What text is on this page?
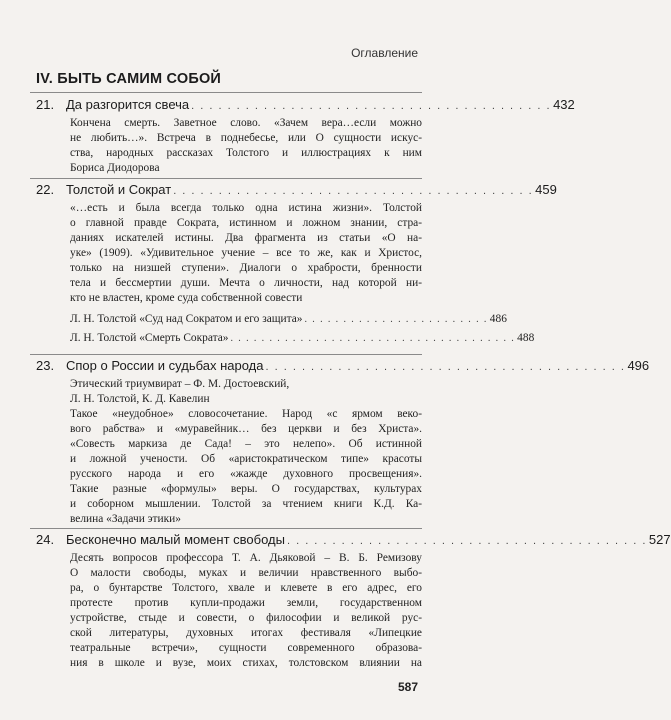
Оглавление
IV. БЫТЬ САМИМ СОБОЙ
21. Да разгорится свеча . . . . . . . . . . . . . . . . . . . . . . . . . . . . . . . . . . . . . . . . 432
Кончена смерть. Заветное слово. «Зачем вера…если можно
не любить…». Встреча в поднебесье, или О сущности искус-
ства, народных рассказах Толстого и иллюстрациях к ним
Бориса Диодорова
22. Толстой и Сократ . . . . . . . . . . . . . . . . . . . . . . . . . . . . . . . . . . . . . . . . 459
«…есть и была всегда только одна истина жизни». Толстой
о главной правде Сократа, истинном и ложном знании, стра-
даниях искателей истины. Два фрагмента из статьи «О на-
уке» (1909). «Удивительное учение – все то же, как и Христос,
только на низшей ступени». Диалоги о храбрости, бренности
тела и бессмертии души. Мечта о личности, над которой ни-
кто не властен, кроме суда собственной совести
Л. Н. Толстой «Суд над Сократом и его защита» . . . . . . . . . . . . . . . . . . . . . . . . 486
Л. Н. Толстой «Смерть Сократа» . . . . . . . . . . . . . . . . . . . . . . . . . . . . . . . . . . . . . 488
23. Спор о России и судьбах народа . . . . . . . . . . . . . . . . . . . . . . . . . . . . . . . . . . . . . . . . 496
Этический триумвират – Ф. М. Достоевский,
Л. Н. Толстой, К. Д. Кавелин
Такое «неудобное» словосочетание. Народ «с ярмом веко-
вого рабства» и «муравейник… без церкви и без Христа».
«Совесть маркиза де Сада! – это нелепо». Об истинной
и ложной учености. Об «аристократическом типе» красоты
русского народа и его «жажде духовного просвещения».
Такие разные «формулы» веры. О государствах, культурах
и соборном мышлении. Толстой за чтением книги К.Д. Ка-
велина «Задачи этики»
24. Бесконечно малый момент свободы . . . . . . . . . . . . . . . . . . . . . . . . . . . . . . . . . . . . . . . . 527
Десять вопросов профессора Т. А. Дьяковой – В. Б. Ремизову
О малости свободы, муках и величии нравственного выбо-
ра, о бунтарстве Толстого, хвале и клевете в его адрес, его
протесте против купли-продажи земли, государственном
устройстве, стыде и совести, о философии и великой рус-
ской литературы, духовных итогах фестиваля «Липецкие
театральные встречи», сущности современного образова-
ния в школе и вузе, моих стихах, толстовском влиянии на
587
